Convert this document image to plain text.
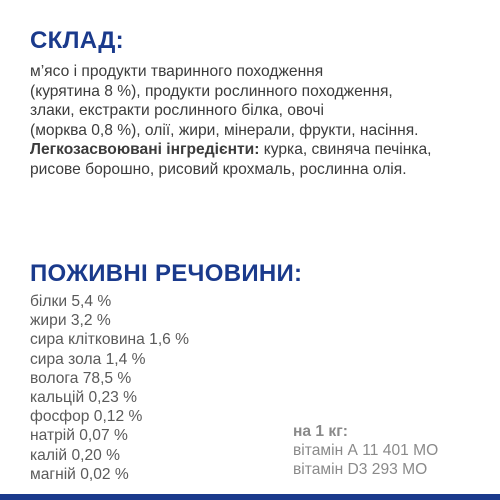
СКЛАД:

м’ясо і продукти тваринного походження
(курятина 8 %), продукти рослинного походження,
злаки, екстракти рослинного білка, овочі
(морква 0,8 %), олії, жири, мінерали, фрукти, насіння.
Легкозасвоювані інгредієнти: курка, свиняча печінка,
рисове борошно, рисовий крохмаль, рослинна олія.

ПОЖИВНІ РЕЧОВИНИ:
білки 5,4 %
жири 3,2 %
сира клітковина 1,6 %
сира зола 1,4 %
волога 78,5 %
кальцій 0,23 %
фосфор 0,12 %
натрій 0,07 %
калій 0,20 %
магній 0,02 %
на 1 кг:
вітамін А 11 401 МО
вітамін D3 293 МО
